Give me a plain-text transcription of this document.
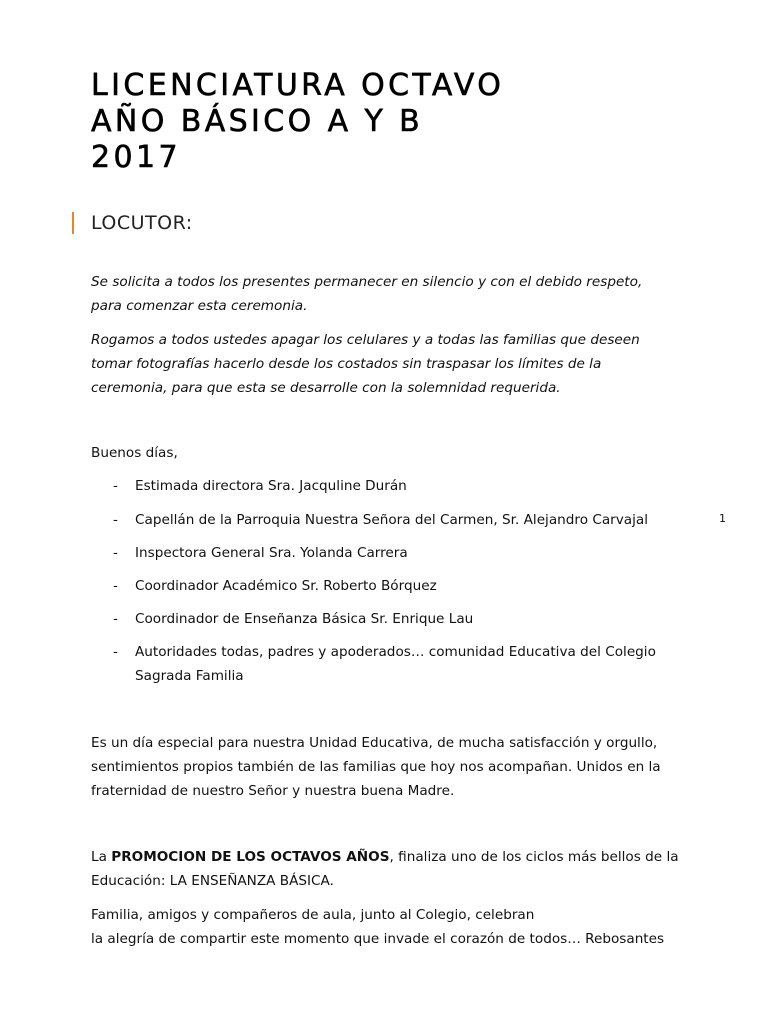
LICENCIATURA OCTAVO
AÑO BÁSICO A Y B
2017
LOCUTOR:

Se solicita a todos los presentes permanecer en silencio y con el debido respeto,

para comenzar esta ceremonia.

Rogamos a todos ustedes apagar los celulares y a todas las familias que deseen

tomar fotografías hacerlo desde los costados sin traspasar los límites de la

ceremonia, para que esta se desarrolle con la solemnidad requerida.

Buenos días,

- Estimada directora Sra. Jacquline Durán
- Capellán de la Parroquia Nuestra Señora del Carmen, Sr. Alejandro Carvajal
- Inspectora General Sra. Yolanda Carrera
- Coordinador Académico Sr. Roberto Bórquez
- Coordinador de Enseñanza Básica Sr. Enrique Lau
- Autoridades todas, padres y apoderados… comunidad Educativa del Colegio
Sagrada Familia
1

Es un día especial para nuestra Unidad Educativa, de mucha satisfacción y orgullo,

sentimientos propios también de las familias que hoy nos acompañan. Unidos en la

fraternidad de nuestro Señor y nuestra buena Madre.

La PROMOCION DE LOS OCTAVOS AÑOS, finaliza uno de los ciclos más bellos de la

Educación: LA ENSEÑANZA BÁSICA.

Familia, amigos y compañeros de aula, junto al Colegio, celebran

la alegría de compartir este momento que invade el corazón de todos… Rebosantes
